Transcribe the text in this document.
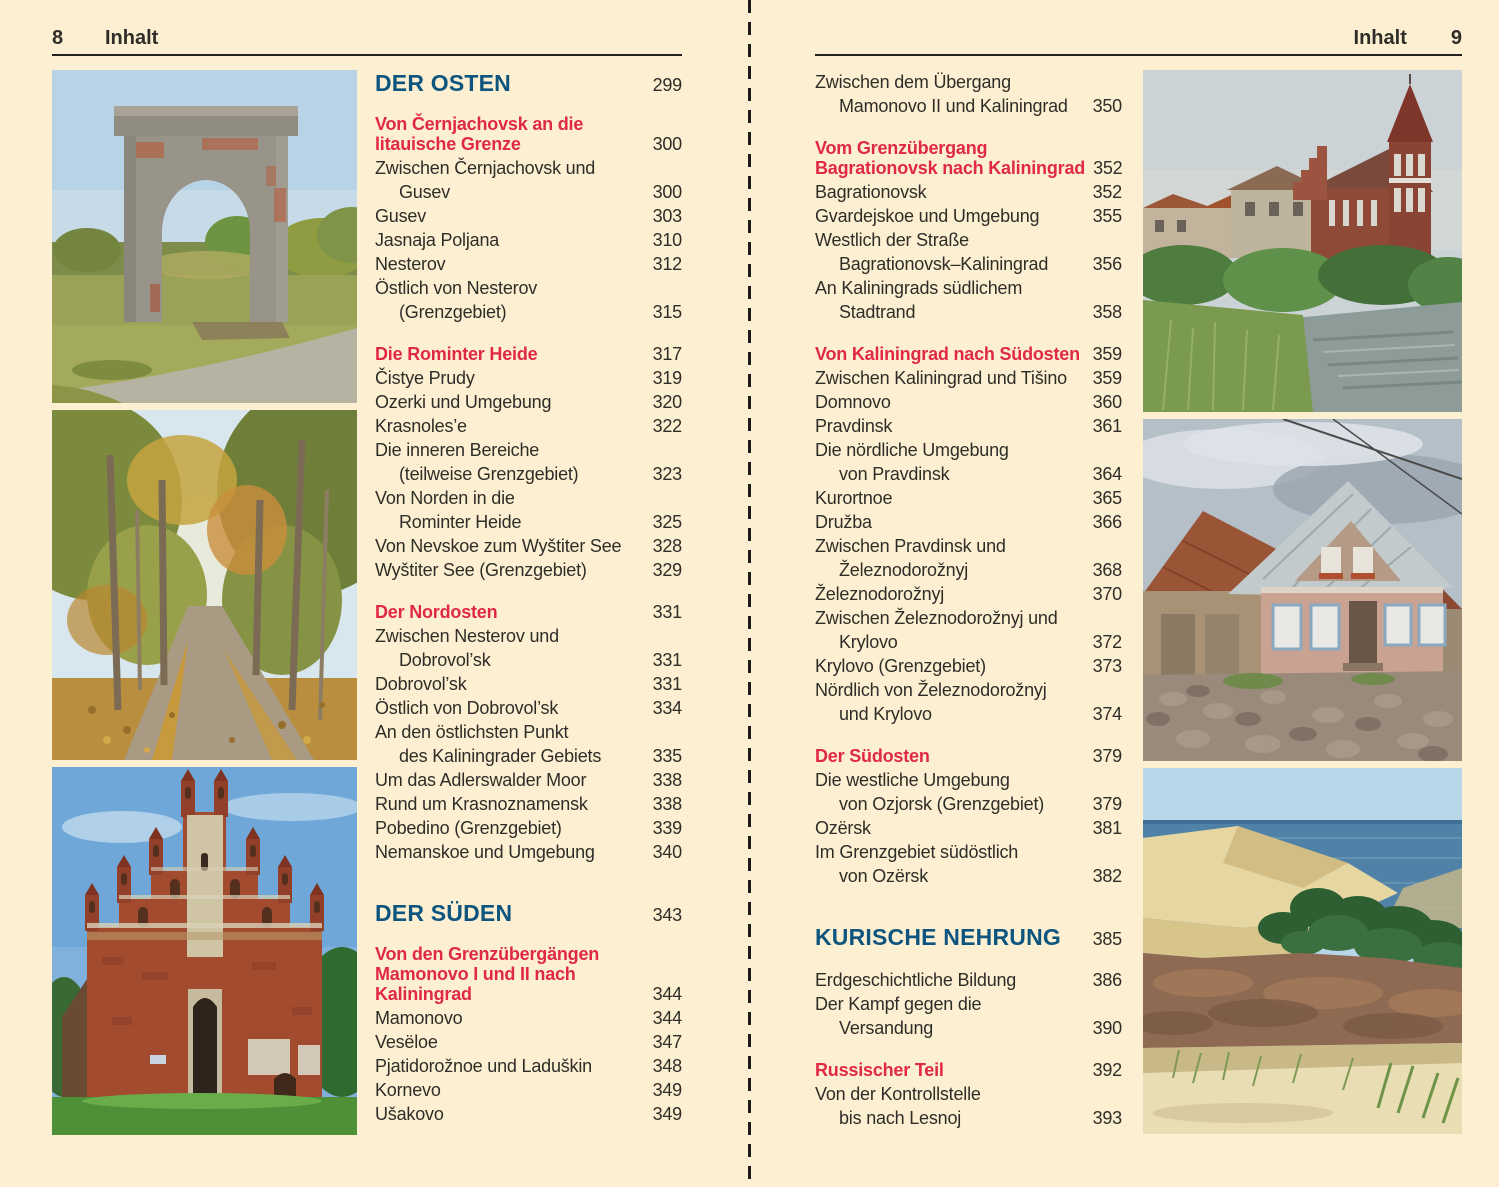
8	Inhalt
DER OSTEN	299
Von Černjachovsk an die
litauische Grenze	300
Zwischen Černjachovsk und
Gusev	300
Gusev	303
Jasnaja Poljana	310
Nesterov	312
Östlich von Nesterov
(Grenzgebiet)	315
Die Rominter Heide	317
Čistye Prudy	319
Ozerki und Umgebung	320
Krasnoles’e	322
Die inneren Bereiche
(teilweise Grenzgebiet)	323
Von Norden in die
Rominter Heide	325
Von Nevskoe zum Wyštiter See 328
Wyštiter See (Grenzgebiet)	329
Der Nordosten	331
Zwischen Nesterov und
Dobrovol’sk	331
Dobrovol’sk	331
Östlich von Dobrovol’sk	334
An den östlichsten Punkt
des Kaliningrader Gebiets	335
Um das Adlerswalder Moor	338
Rund um Krasnoznamensk	338
Pobedino (Grenzgebiet)	339
Nemanskoe und Umgebung	340
DER SÜDEN	343
Von den Grenzübergängen
Mamonovo I und II nach
Kaliningrad	344
Mamonovo	344
Vesëloe	347
Pjatidorožnoe und Laduškin	348
Kornevo	349
Ušakovo	349
Inhalt 9
Zwischen dem Übergang
Mamonovo II und Kaliningrad 350
Vom Grenzübergang
Bagrationovsk nach Kaliningrad 352
Bagrationovsk	352
Gvardejskoe und Umgebung	355
Westlich der Straße
Bagrationovsk–Kaliningrad 356
An Kaliningrads südlichem
Stadtrand	358
Von Kaliningrad nach Südosten 359
Zwischen Kaliningrad und Tišino 359
Domnovo	360
Pravdinsk	361
Die nördliche Umgebung
von Pravdinsk	364
Kurortnoe	365
Družba	366
Zwischen Pravdinsk und
Železnodorožnyj	368
Železnodorožnyj	370
Zwischen Železnodorožnyj und
Krylovo	372
Krylovo (Grenzgebiet)	373
Nördlich von Železnodorožnyj
und Krylovo	374
Der Südosten	379
Die westliche Umgebung
von Ozjorsk (Grenzgebiet)	379
Ozërsk	381
Im Grenzgebiet südöstlich
von Ozërsk	382
KURISCHE NEHRUNG 385
Erdgeschichtliche Bildung	386
Der Kampf gegen die
Versandung	390
Russischer Teil	392
Von der Kontrollstelle
bis nach Lesnoj	393
